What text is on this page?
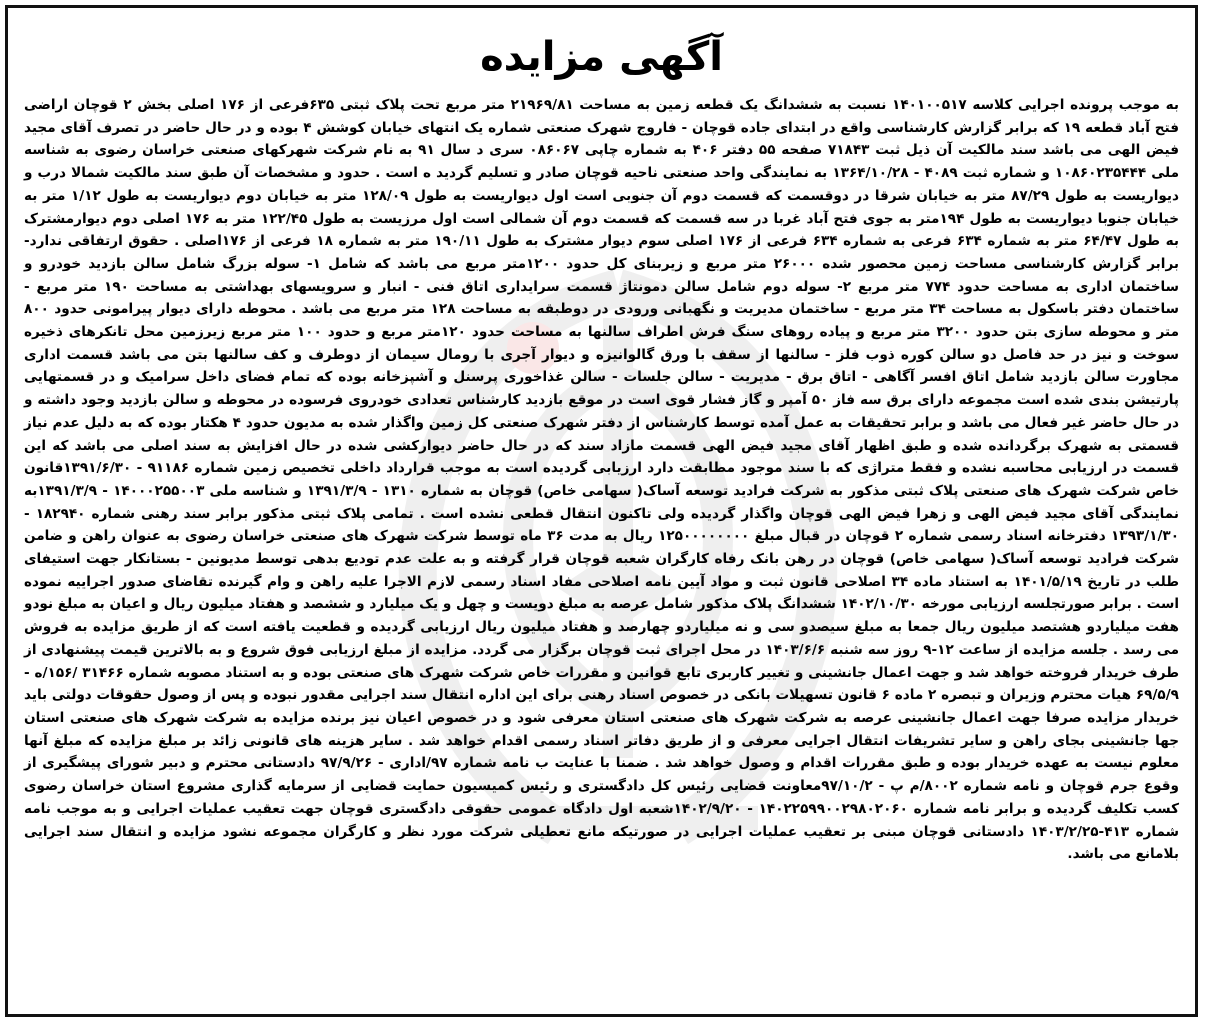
آگهی مزایده
به موجب پرونده اجرایی کلاسه ۱۴۰۱۰۰۵۱۷ نسبت به ششدانگ یک قطعه زمین به مساحت ۲۱۹۶۹/۸۱ متر مربع تحت پلاک ثبتی ۶۳۵فرعی از ۱۷۶ اصلی بخش ۲ قوچان اراضی فتح آباد قطعه ۱۹ که برابر گزارش کارشناسی واقع در ابتدای جاده قوچان - فاروج شهرک صنعتی شماره یک انتهای خیابان کوشش ۴ بوده و در حال حاضر در تصرف آقای مجید فیض الهی می باشد سند مالکیت آن ذیل ثبت ۷۱۸۴۳ صفحه ۵۵ دفتر ۴۰۶ به شماره چاپی ۰۸۶۰۶۷ سری د سال ۹۱ به نام شرکت شهرکهای صنعتی خراسان رضوی به شناسه ملی ۱۰۸۶۰۲۳۵۴۴۴ و شماره ثبت ۴۰۸۹ - ۱۳۶۴/۱۰/۲۸ به نمایندگی واحد صنعتی ناحیه قوچان صادر و تسلیم گردید ه است . حدود و مشخصات آن طبق سند مالکیت شمالا درب و دیواریست به طول ۸۷/۲۹ متر به خیابان شرقا در دوقسمت که قسمت دوم آن جنوبی است اول دیواریست به طول ۱۲۸/۰۹ متر به خیابان دوم دیواریست به طول ۱/۱۲ متر به خیابان جنوبا دیواریست به طول ۱۹۴متر به جوی فتح آباد غربا در سه قسمت که قسمت دوم آن شمالی است اول مرزیست به طول ۱۲۲/۴۵ متر به ۱۷۶ اصلی دوم دیوارمشترک به طول ۶۴/۴۷ متر به شماره ۶۳۴ فرعی به شماره ۶۳۴ فرعی از ۱۷۶ اصلی سوم دیوار مشترک به طول ۱۹۰/۱۱ متر به شماره ۱۸ فرعی از ۱۷۶اصلی . حقوق ارتفاقی ندارد- برابر گزارش کارشناسی مساحت زمین محصور شده ۲۶۰۰۰ متر مربع و زیربنای کل حدود ۱۲۰۰متر مربع می باشد که شامل ۱- سوله بزرگ شامل سالن بازدید خودرو و ساختمان اداری به مساحت حدود ۷۷۴ متر مربع ۲- سوله دوم شامل سالن دمونتاژ قسمت سرایداری اتاق فنی - انبار و سرویسهای بهداشتی به مساحت ۱۹۰ متر مربع - ساختمان دفتر باسکول به مساحت ۳۴ متر مربع - ساختمان مدیریت و نگهبانی ورودی در دوطبقه به مساحت ۱۲۸ متر مربع می باشد . محوطه دارای دیوار پیرامونی حدود ۸۰۰ متر و محوطه سازی بتن حدود ۳۲۰۰ متر مربع و پیاده روهای سنگ فرش اطراف سالنها به مساحت حدود ۱۲۰متر مربع و حدود ۱۰۰ متر مربع زیرزمین محل تانکرهای ذخیره سوخت و نیز در حد فاصل دو سالن کوره ذوب فلز - سالنها از سقف با ورق گالوانیزه و دیوار آجری با رومال سیمان از دوطرف و کف سالنها بتن می باشد قسمت اداری مجاورت سالن بازدید شامل اتاق افسر آگاهی - اتاق برق - مدیریت - سالن جلسات - سالن غذاخوری پرسنل و آشپزخانه بوده که تمام فضای داخل سرامیک و در قسمتهایی پارتیشن بندی شده است مجموعه دارای برق سه فاز ۵۰ آمپر و گاز فشار قوی است در موقع بازدید کارشناس تعدادی خودروی فرسوده در محوطه و سالن بازدید وجود داشته و در حال حاضر غیر فعال می باشد و برابر تحقیقات به عمل آمده توسط کارشناس از دفتر شهرک صنعتی کل زمین واگذار شده به مدیون حدود ۴ هکتار بوده که به دلیل عدم نیاز قسمتی به شهرک برگردانده شده و طبق اظهار آقای مجید فیض الهی قسمت مازاد سند که در حال حاضر دیوارکشی شده در حال افزایش به سند اصلی می باشد که این قسمت در ارزیابی محاسبه نشده و فقط متراژی که با سند موجود مطابقت دارد ارزیابی گردیده است به موجب قرارداد داخلی تخصیص زمین شماره ۹۱۱۸۶ - ۱۳۹۱/۶/۳۰قانون خاص شرکت شهرک های صنعتی پلاک ثبتی مذکور به شرکت فرادید توسعه آساک( سهامی خاص) قوچان به شماره ۱۳۱۰ - ۱۳۹۱/۳/۹ و شناسه ملی ۱۴۰۰۰۲۵۵۰۰۳ - ۱۳۹۱/۳/۹به نمایندگی آقای مجید فیض الهی و زهرا فیض الهی قوچان واگذار گردیده ولی تاکنون انتقال قطعی نشده است . تمامی پلاک ثبتی مذکور برابر سند رهنی شماره ۱۸۲۹۴۰ - ۱۳۹۳/۱/۳۰ دفترخانه اسناد رسمی شماره ۲ قوچان در قبال مبلغ ۱۲۵۰۰۰۰۰۰۰۰ ریال به مدت ۳۶ ماه توسط شرکت شهرک های صنعتی خراسان رضوی به عنوان راهن و ضامن شرکت فرادید توسعه آساک( سهامی خاص) قوچان در رهن بانک رفاه کارگران شعبه قوچان قرار گرفته و به علت عدم تودیع بدهی توسط مدیونین - بستانکار جهت استیفای طلب در تاریخ ۱۴۰۱/۵/۱۹ به استناد ماده ۳۴ اصلاحی قانون ثبت و مواد آیین نامه اصلاحی مفاد اسناد رسمی لازم الاجرا علیه راهن و وام گیرنده تقاضای صدور اجراییه نموده است . برابر صورتجلسه ارزیابی مورخه ۱۴۰۲/۱۰/۳۰ ششدانگ پلاک مذکور شامل عرصه به مبلغ دویست و چهل و یک میلیارد و ششصد و هفتاد میلیون ریال و اعیان به مبلغ نودو هفت میلیاردو هشتصد میلیون ریال جمعا به مبلغ سیصدو سی و نه میلیاردو چهارصد و هفتاد میلیون ریال ارزیابی گردیده و قطعیت یافته است که از طریق مزایده به فروش می رسد . جلسه مزایده از ساعت ۱۲-۹ روز سه شنبه ۱۴۰۳/۶/۶ در محل اجرای ثبت قوچان برگزار می گردد. مزایده از مبلغ ارزیابی فوق شروع و به بالاترین قیمت پیشنهادی از طرف خریدار فروخته خواهد شد و جهت اعمال جانشینی و تغییر کاربری تابع قوانین و مقررات خاص شرکت شهرک های صنعتی بوده و به استناد مصوبه شماره ۳۱۴۶۶ /۱۵۶/ه - ۶۹/۵/۹ هیات محترم وزیران و تبصره ۲ ماده ۶ قانون تسهیلات بانکی در خصوص اسناد رهنی برای این اداره انتقال سند اجرایی مقدور نبوده و پس از وصول حقوقات دولتی باید خریدار مزایده صرفا جهت اعمال جانشینی عرصه به شرکت شهرک های صنعتی استان معرفی شود و در خصوص اعیان نیز برنده مزایده به شرکت شهرک های صنعتی استان جها جانشینی بجای راهن و سایر تشریفات انتقال اجرایی معرفی و از طریق دفاتر اسناد رسمی اقدام خواهد شد . سایر هزینه های قانونی زائد بر مبلغ مزایده که مبلغ آنها معلوم نیست به عهده خریدار بوده و طبق مقررات اقدام و وصول خواهد شد . ضمنا با عنایت ب نامه شماره ۹۷/اداری - ۹۷/۹/۲۶ دادستانی محترم و دبیر شورای پیشگیری از وقوع جرم قوچان و نامه شماره ۸۰۰۲/م پ - ۹۷/۱۰/۲معاونت قضایی رئیس کل دادگستری و رئیس کمیسیون حمایت قضایی از سرمایه گذاری مشروع استان خراسان رضوی کسب تکلیف گردیده و برابر نامه شماره ۱۴۰۲۲۵۹۹۰۰۲۹۸۰۲۰۶۰ - ۱۴۰۲/۹/۲۰شعبه اول دادگاه عمومی حقوقی دادگستری قوچان جهت تعقیب عملیات اجرایی و به موجب نامه شماره ۴۱۳-۱۴۰۳/۲/۲۵ دادستانی قوچان مبنی بر تعقیب عملیات اجرایی در صورتیکه مانع تعطیلی شرکت مورد نظر و کارگران مجموعه نشود مزایده و انتقال سند اجرایی بلامانع می باشد.
